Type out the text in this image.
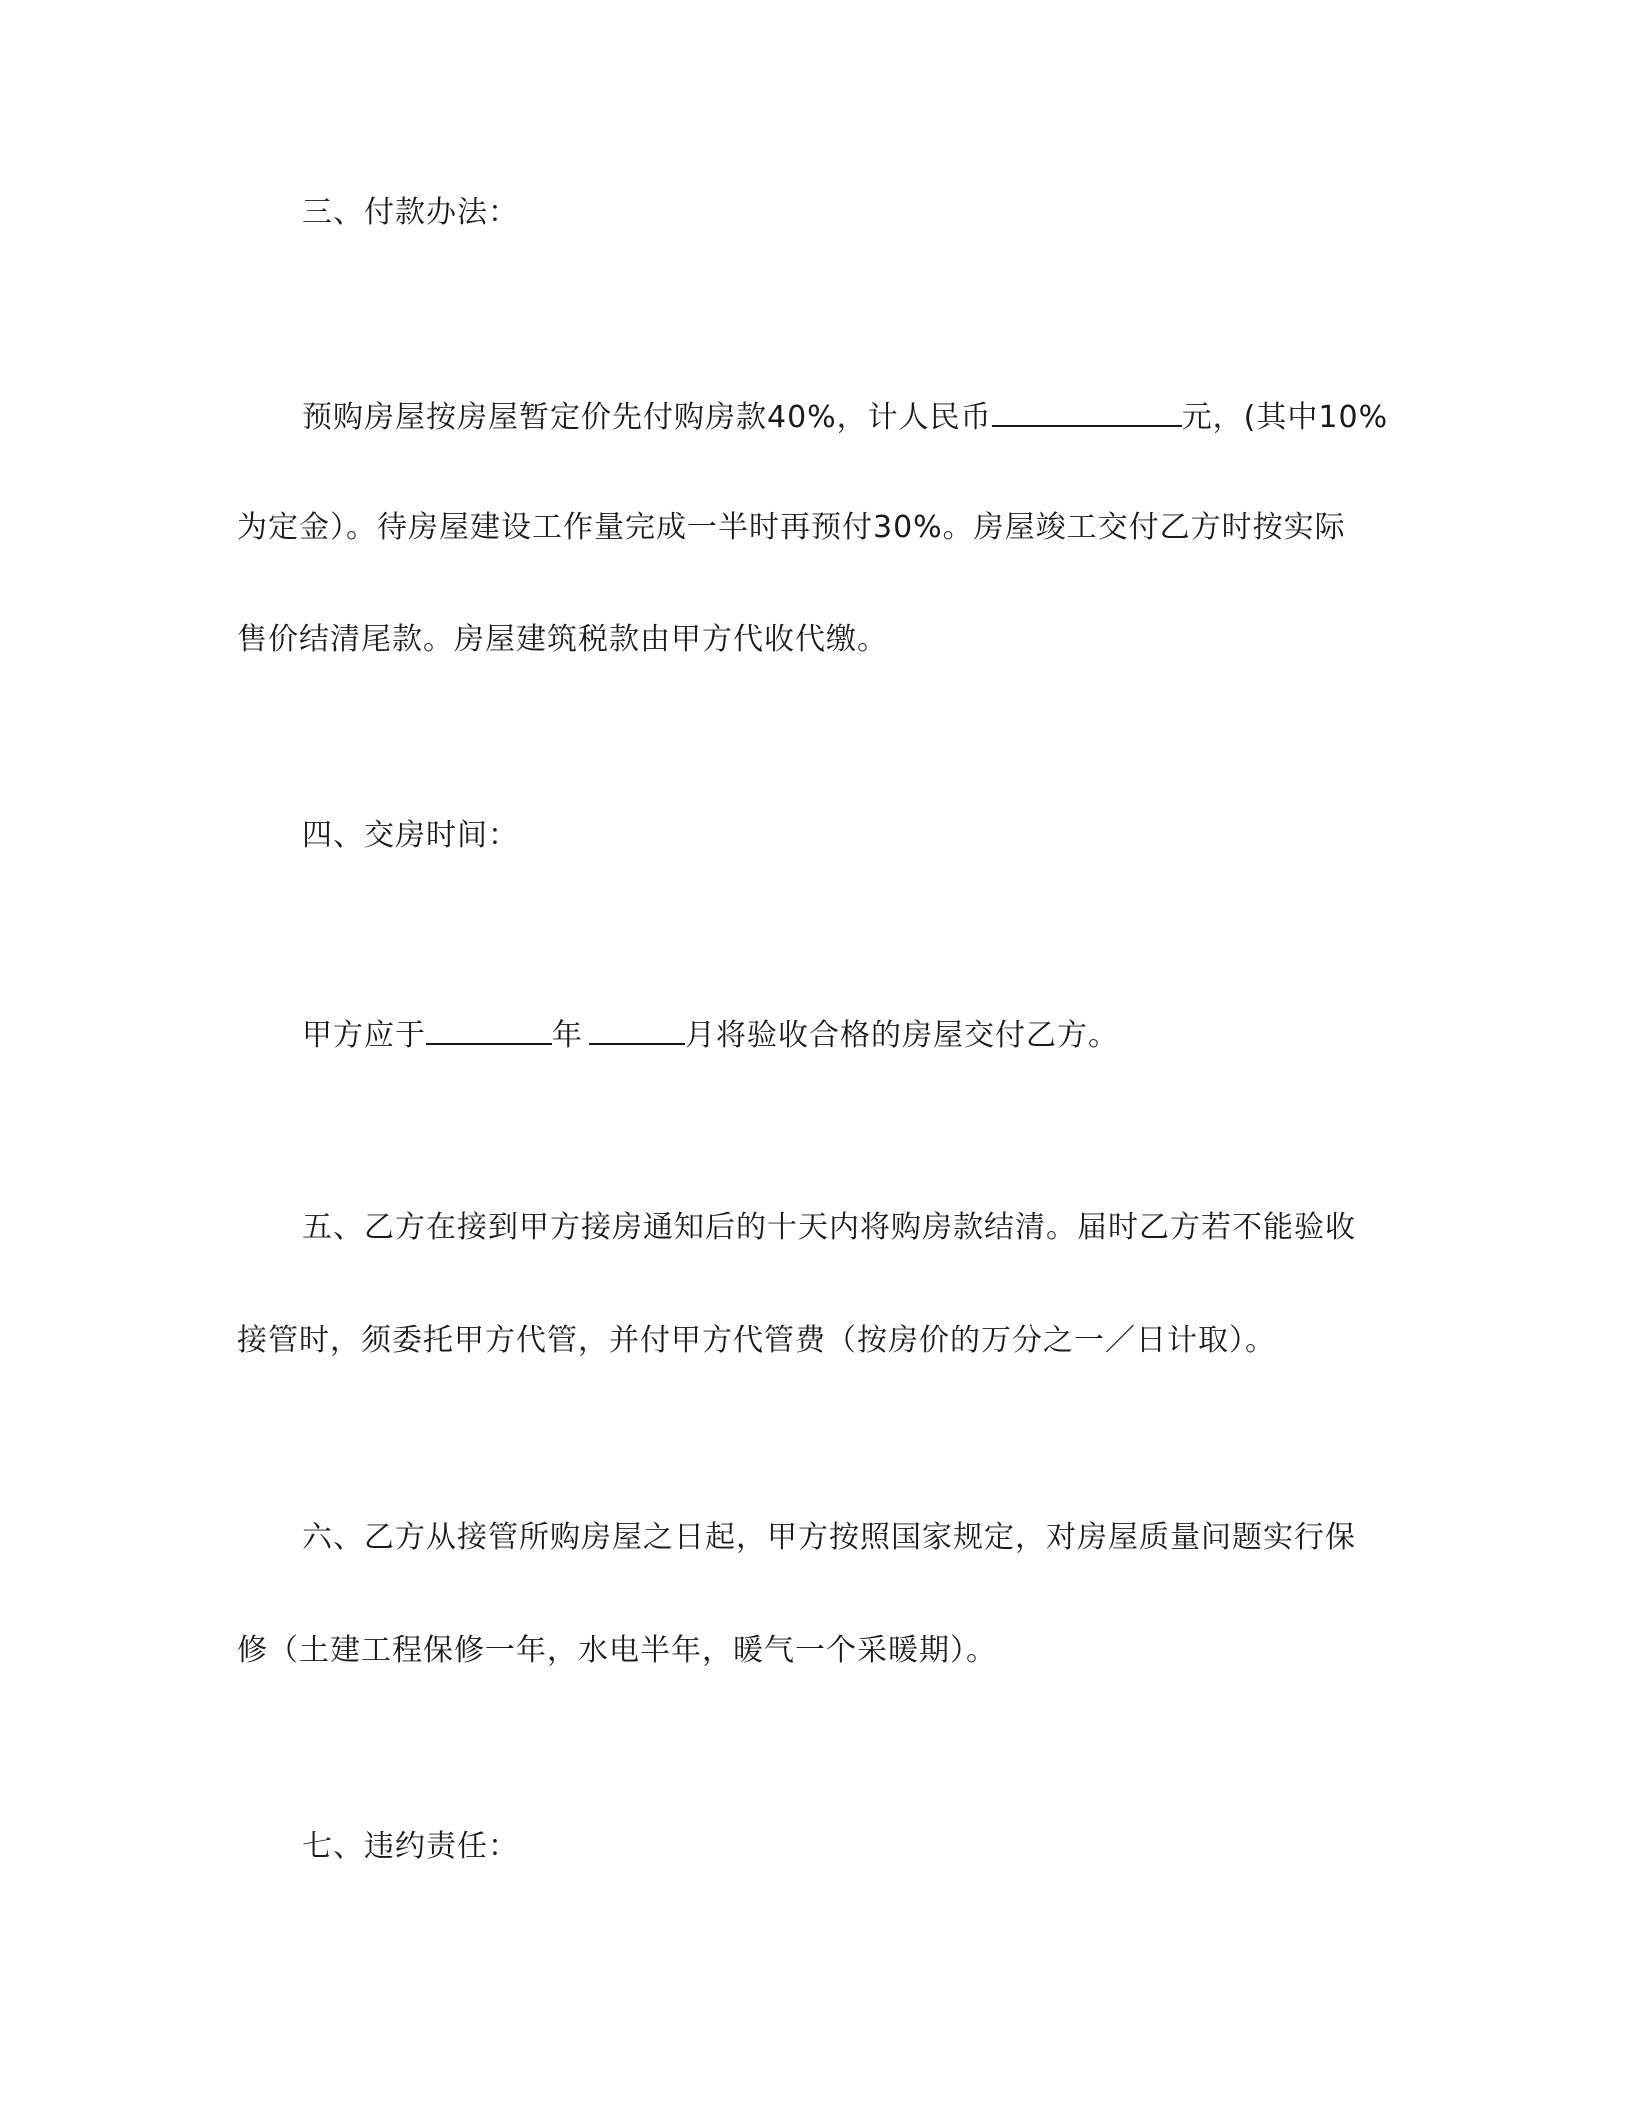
三、付款办法：
预购房屋按房屋暂定价先付购房款40%，计人民币	元，(其中10%
为定金）。待房屋建设工作量完成一半时再预付30%。房屋竣工交付乙方时按实际
售价结清尾款。房屋建筑税款由甲方代收代缴。
四、交房时间：
甲方应于	年	月将验收合格的房屋交付乙方。
五、乙方在接到甲方接房通知后的十天内将购房款结清。届时乙方若不能验收
接管时，须委托甲方代管，并付甲方代管费（按房价的万分之一／日计取）。
六、乙方从接管所购房屋之日起，甲方按照国家规定，对房屋质量问题实行保
修（土建工程保修一年，水电半年，暖气一个采暖期）。
七、违约责任：
